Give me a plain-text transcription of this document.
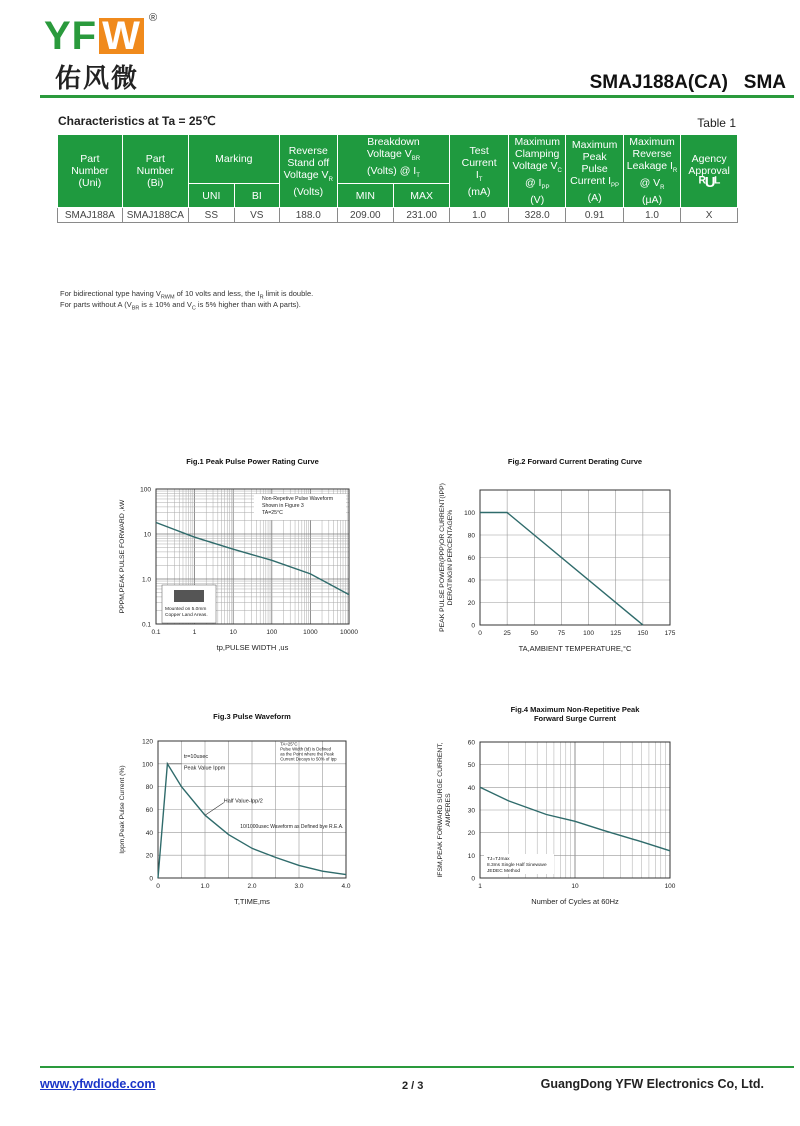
YF W ®
佑风微	SMAJ188A(CA)   SMA
Characteristics at Ta = 25℃	Table 1
Part
Number
(Uni)	Part
Number
(Bi)	Marking		Reverse
Stand off
Voltage $V_R$
(Volts)	Breakdown
Voltage $V_{BR}$
(Volts) @ $I_T$		Test
Current
$I_T$
(mA)	Maximum
Clamping
Voltage $V_C$
@ $I_{PP}$
(V)	Maximum
Peak
Pulse
Current $I_{PP}$
(A)	Maximum
Reverse
Leakage $I_R$
@ $V_R$
(μA)	Agency
Approval
ᴿUᴸ
		UNI	BI		MIN	MAX					
SMAJ188A	SMAJ188CA	SS	VS	188.0	209.00	231.00	1.0	328.0	0.91	1.0	X
For bidirectional type having $V_{RWM}$ of 10 volts and less, the $I_R$ limit is double.
For parts without A ($V_{BR}$ is ± 10% and $V_C$ is 5% higher than with A parts).
Fig.1 Peak Pulse Power Rating Curve
0.1	1	10	100	1000	10000
0.1
1.0
10
100
tp,PULSE WIDTH ,us
PPPM,PEAK PULSE FORWARD ,kW
Non-Repetive Pulse Waveform
Shown in Figure 3
TA=25°C
Mounted on 5.0mm
Copper Land Areas.
Fig.2 Forward Current Derating Curve
0	25	50	75	100	125	150	175
0
20
40
60
80
100
TA,AMBIENT TEMPERATURE,°C
PEAK PULSE POWER(PPP)OR CURRENT(IPP) DERATINGIN PERCENTAGE%
Fig.3 Pulse Waveform
0	1.0	2.0	3.0	4.0
0
20
40
60
80
100
120
T,TIME,ms
Ippm,Peak Pulse Current (%)
tr=10usec
Peak Value Ippm
Half Value-Ipp/2
10/1000usec Waveform as Defined bye R.E.A.
TA=25°C
Pulse Width (td) is Defined
as the Point where the Peak
Current Decays to 50% of Ipp
Fig.4 Maximum Non-Repetitive Peak
Forward Surge Current
1	10	100
0
10
20
30
40
50
60
Number of Cycles at 60Hz
IFSM,PEAK FORWARD SURGE CURRENT, AMPERES
TJ=TJmax
8.3ms Single Half Sinewave
JEDEC Method
www.yfwdiode.com	2 / 3	GuangDong YFW Electronics Co, Ltd.
